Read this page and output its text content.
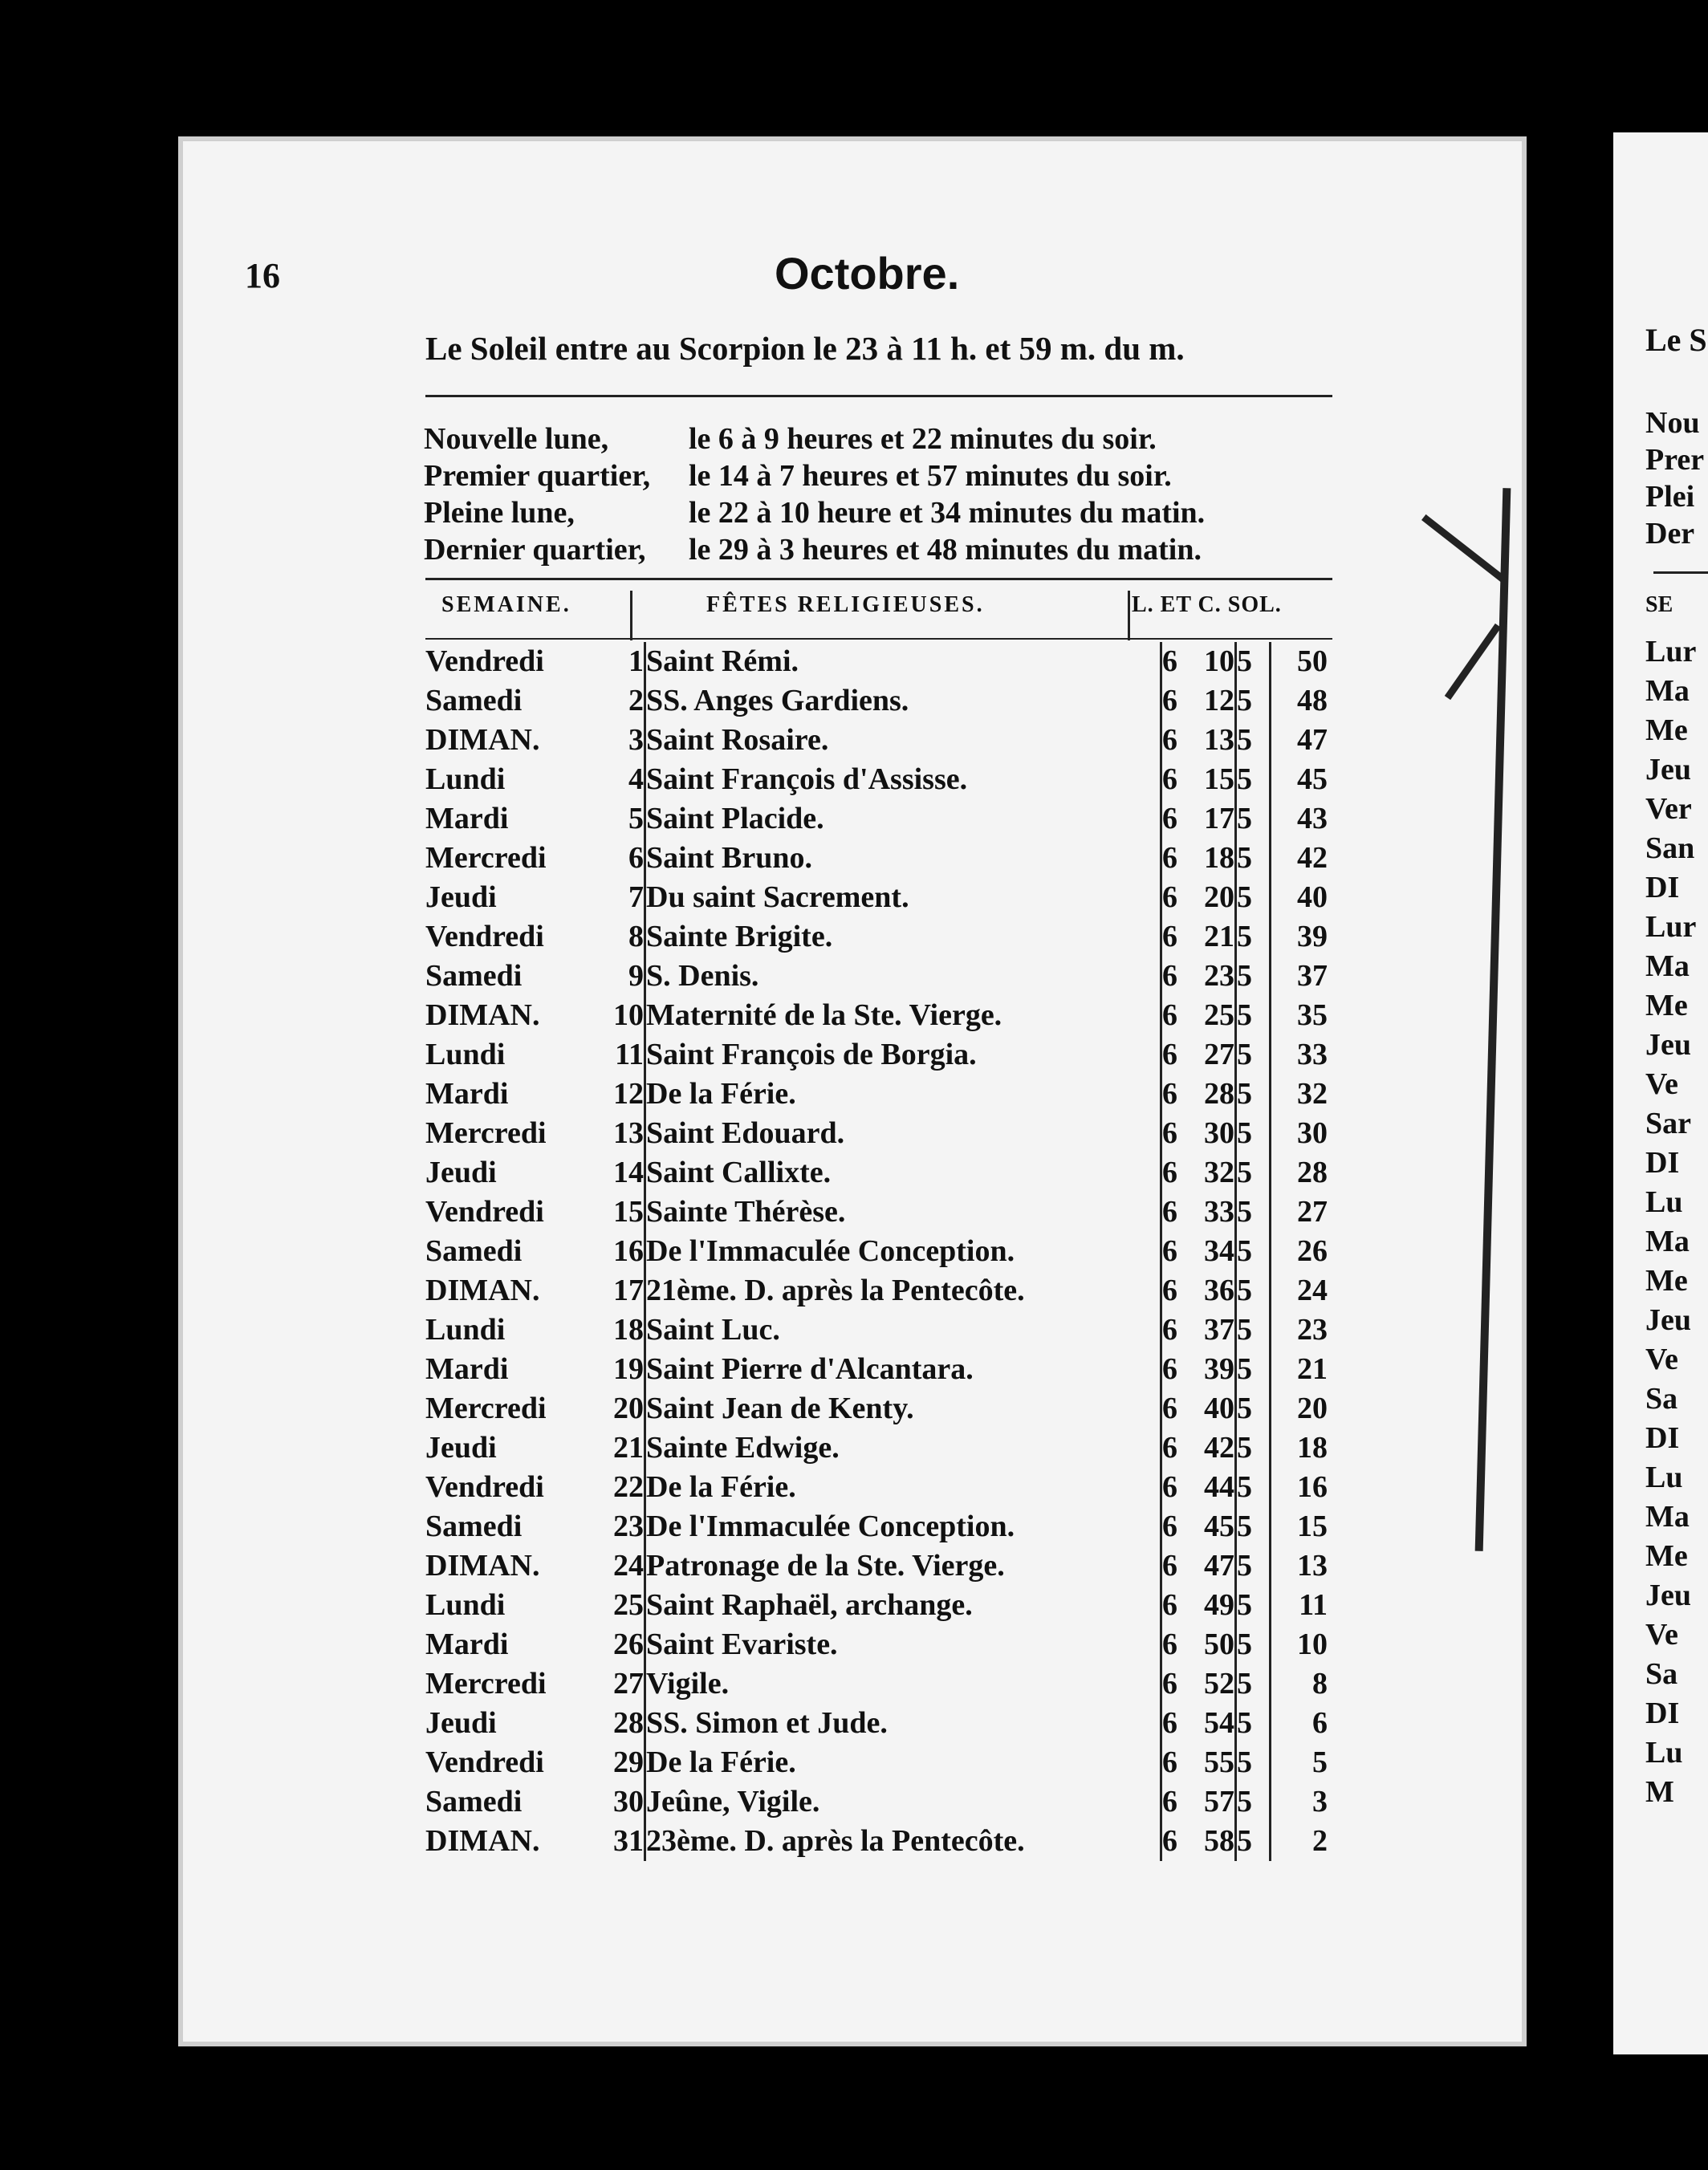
16	Octobre.
Le Soleil entre au Scorpion le 23 à 11 h. et 59 m. du m.
Nouvelle lune,	le 6 à 9 heures et 22 minutes du soir.
Premier quartier, le 14 à 7 heures et 57 minutes du soir.
Pleine lune,	le 22 à 10 heure et 34 minutes du matin.
Dernier quartier, le 29 à 3 heures et 48 minutes du matin.
SEMAINE.	FÊTES RELIGIEUSES.	L. ET C. SOL.
Vendredi	1	Saint Rémi.	6	10	5	50
Samedi	2	SS. Anges Gardiens.	6	12	5	48
DIMAN.	3	Saint Rosaire.	6	13	5	47
Lundi	4	Saint François d'Assisse.	6	15	5	45
Mardi	5	Saint Placide.	6	17	5	43
Mercredi	6	Saint Bruno.	6	18	5	42
Jeudi	7	Du saint Sacrement.	6	20	5	40
Vendredi	8	Sainte Brigite.	6	21	5	39
Samedi	9	S. Denis.	6	23	5	37
DIMAN.	10	Maternité de la Ste. Vierge.	6	25	5	35
Lundi	11	Saint François de Borgia.	6	27	5	33
Mardi	12	De la Férie.	6	28	5	32
Mercredi	13	Saint Edouard.	6	30	5	30
Jeudi	14	Saint Callixte.	6	32	5	28
Vendredi	15	Sainte Thérèse.	6	33	5	27
Samedi	16	De l'Immaculée Conception.	6	34	5	26
DIMAN.	17	21ème. D. après la Pentecôte.	6	36	5	24
Lundi	18	Saint Luc.	6	37	5	23
Mardi	19	Saint Pierre d'Alcantara.	6	39	5	21
Mercredi	20	Saint Jean de Kenty.	6	40	5	20
Jeudi	21	Sainte Edwige.	6	42	5	18
Vendredi	22	De la Férie.	6	44	5	16
Samedi	23	De l'Immaculée Conception.	6	45	5	15
DIMAN.	24	Patronage de la Ste. Vierge.	6	47	5	13
Lundi	25	Saint Raphaël, archange.	6	49	5	11
Mardi	26	Saint Evariste.	6	50	5	10
Mercredi	27	Vigile.	6	52	5	8
Jeudi	28	SS. Simon et Jude.	6	54	5	6
Vendredi	29	De la Férie.	6	55	5	5
Samedi	30	Jeûne, Vigile.	6	57	5	3
DIMAN.	31	23ème. D. après la Pentecôte.	6	58	5	2
Le S
Nou
Prer
Plei
Der
SE
Lur
Ma
Me
Jeu
Ver
San
DI
Lur
Ma
Me
Jeu
Ve
Sar
DI
Lu
Ma
Me
Jeu
Ve
Sa
DI
Lu
Ma
Me
Jeu
Ve
Sa
DI
Lu
M
